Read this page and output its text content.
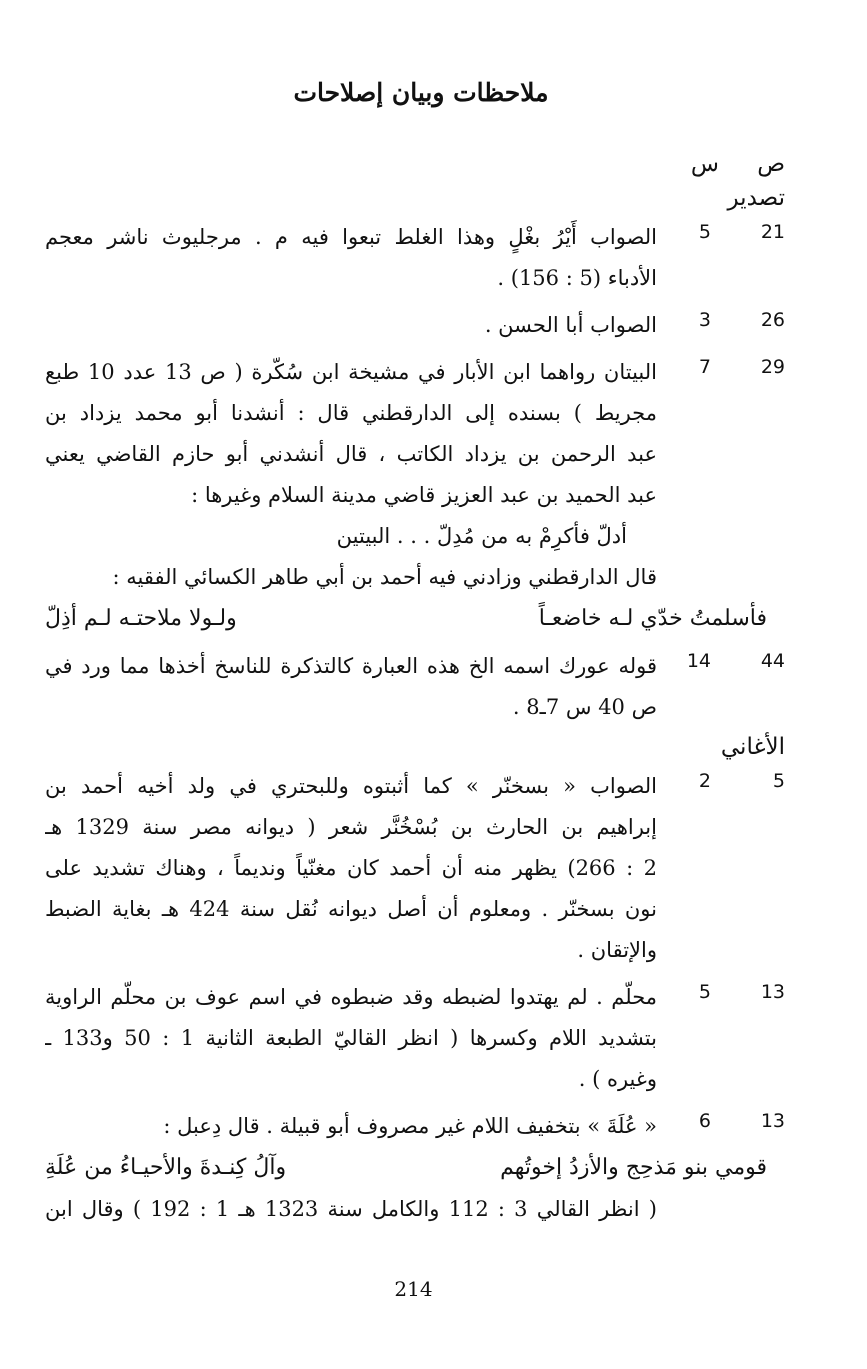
ملاحظات وبيان إصلاحات
ص
س
تصدير
21
5
الصواب أَيْرُ بغْلٍ وهذا الغلط تبعوا فيه م . مرجليوث ناشر معجم
الأدباء (5 : 156) .
26
3
الصواب أبا الحسن .
29
7
البيتان رواهما ابن الأبار في مشيخة ابن سُكّرة ( ص 13 عدد 10 طبع
مجريط ) بسنده إلى الدارقطني قال : أنشدنا أبو محمد يزداد بن
عبد الرحمن بن يزداد الكاتب ، قال أنشدني أبو حازم القاضي يعني
عبد الحميد بن عبد العزيز قاضي مدينة السلام وغيرها :
أدلّ فأكرِمْ به من مُدِلّ . . . البيتين
قال الدارقطني وزادني فيه أحمد بن أبي طاهر الكسائي الفقيه :
فأسلمتُ خدّي لـه خاضعـاً
ولـولا ملاحتـه لـم أذِلّ
44
14
قوله عورك اسمه الخ هذه العبارة كالتذكرة للناسخ أخذها مما ورد في
ص 40 س 7ـ8 .
الأغاني
5
2
الصواب « بسخنّر » كما أثبتوه وللبحتري في ولد أخيه أحمد بن
إبراهيم بن الحارث بن بُسْخُنَّر شعر ( ديوانه مصر سنة 1329 هـ
2 : 266) يظهر منه أن أحمد كان مغنّياً ونديماً ، وهناك تشديد على
نون بسخنّر . ومعلوم أن أصل ديوانه نُقل سنة 424 هـ بغاية الضبط
والإتقان .
13
5
محلّم . لم يهتدوا لضبطه وقد ضبطوه في اسم عوف بن محلّم الراوية
بتشديد اللام وكسرها ( انظر القاليّ الطبعة الثانية 1 : 50 و133 ـ
وغيره ) .
13
6
« عُلَةَ » بتخفيف اللام غير مصروف أبو قبيلة . قال دِعبل :
قومي بنو مَذحِج والأزدُ إخوتُهم
وآلُ كِنـدةَ والأحيـاءُ من عُلَةِ
( انظر القالي 3 : 112 والكامل سنة 1323 هـ 1 : 192 ) وقال ابن
214
